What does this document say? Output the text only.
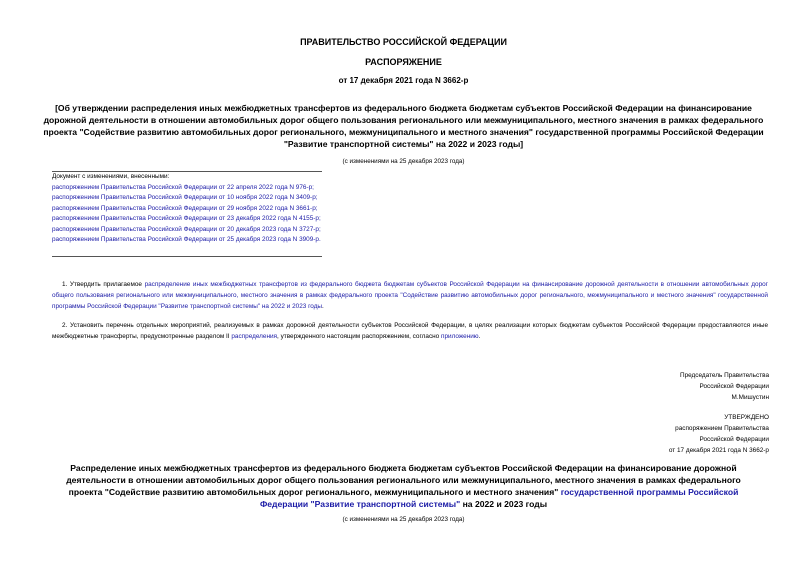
ПРАВИТЕЛЬСТВО РОССИЙСКОЙ ФЕДЕРАЦИИ
РАСПОРЯЖЕНИЕ
от 17 декабря 2021 года N 3662-р
[Об утверждении распределения иных межбюджетных трансфертов из федерального бюджета бюджетам субъектов Российской Федерации на финансирование дорожной деятельности в отношении автомобильных дорог общего пользования регионального или межмуниципального, местного значения в рамках федерального проекта "Содействие развитию автомобильных дорог регионального, межмуниципального и местного значения" государственной программы Российской Федерации "Развитие транспортной системы" на 2022 и 2023 годы]
(с изменениями на 25 декабря 2023 года)
Документ с изменениями, внесенными:
распоряжением Правительства Российской Федерации от 22 апреля 2022 года N 976-р;
распоряжением Правительства Российской Федерации от 10 ноября 2022 года N 3409-р;
распоряжением Правительства Российской Федерации от 29 ноября 2022 года N 3661-р;
распоряжением Правительства Российской Федерации от 23 декабря 2022 года N 4155-р;
распоряжением Правительства Российской Федерации от 20 декабря 2023 года N 3727-р;
распоряжением Правительства Российской Федерации от 25 декабря 2023 года N 3909-р.
1. Утвердить прилагаемое распределение иных межбюджетных трансфертов из федерального бюджета бюджетам субъектов Российской Федерации на финансирование дорожной деятельности в отношении автомобильных дорог общего пользования регионального или межмуниципального, местного значения в рамках федерального проекта "Содействие развитию автомобильных дорог регионального, межмуниципального и местного значения" государственной программы Российской Федерации "Развитие транспортной системы" на 2022 и 2023 годы.
2. Установить перечень отдельных мероприятий, реализуемых в рамках дорожной деятельности субъектов Российской Федерации, в целях реализации которых бюджетам субъектов Российской Федерации предоставляются иные межбюджетные трансферты, предусмотренные разделом II распределения, утвержденного настоящим распоряжением, согласно приложению.
Председатель Правительства
Российской Федерации
М.Мишустин
УТВЕРЖДЕНО
распоряжением Правительства
Российской Федерации
от 17 декабря 2021 года N 3662-р
Распределение иных межбюджетных трансфертов из федерального бюджета бюджетам субъектов Российской Федерации на финансирование дорожной деятельности в отношении автомобильных дорог общего пользования регионального или межмуниципального, местного значения в рамках федерального проекта "Содействие развитию автомобильных дорог регионального, межмуниципального и местного значения" государственной программы Российской Федерации "Развитие транспортной системы" на 2022 и 2023 годы
(с изменениями на 25 декабря 2023 года)
